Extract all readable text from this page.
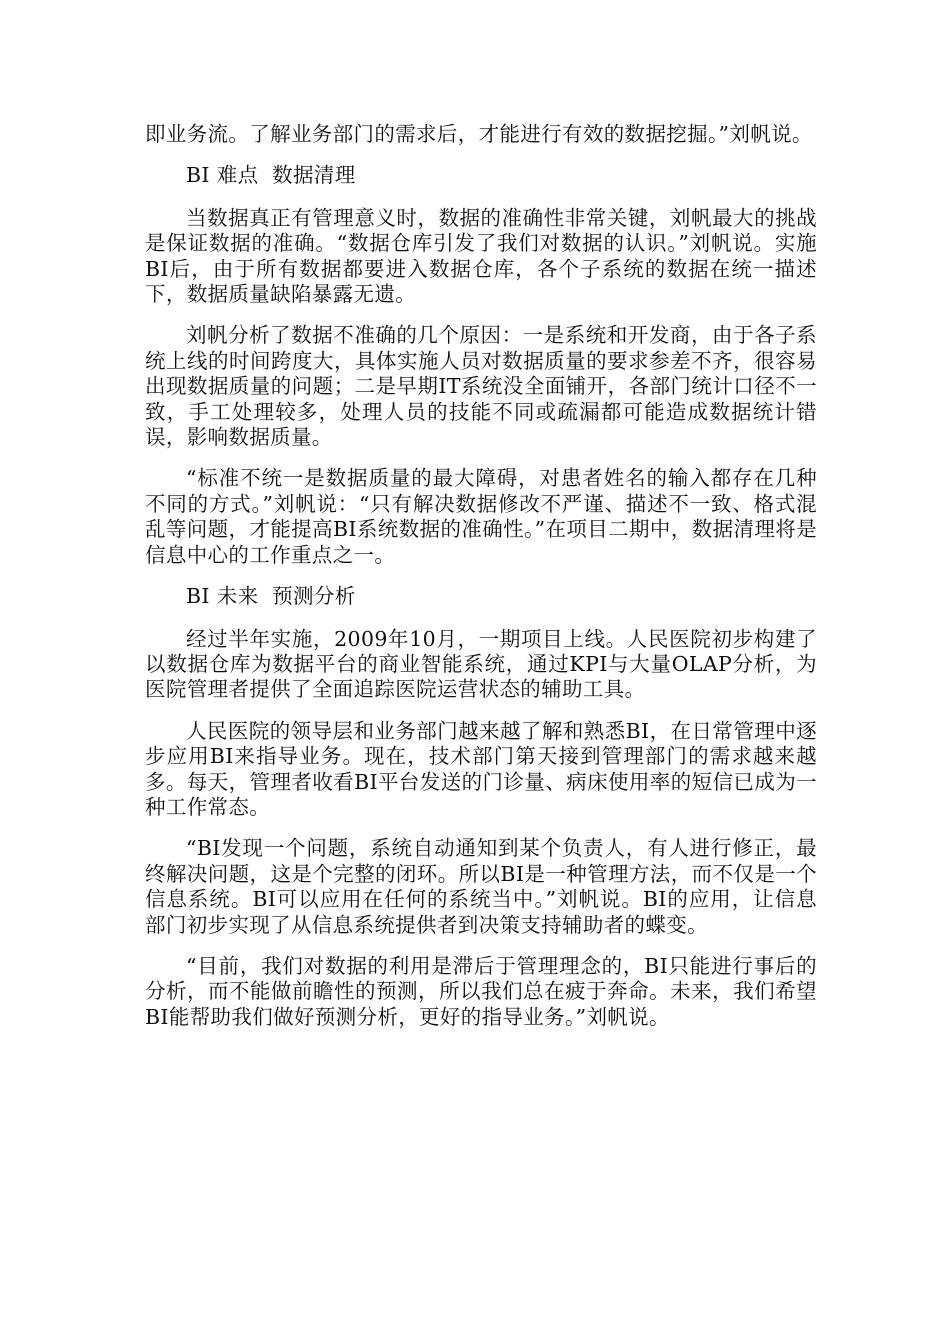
即业务流。了解业务部门的需求后，才能进行有效的数据挖掘。”刘帆说。

BI 难点  数据清理

当数据真正有管理意义时，数据的准确性非常关键，刘帆最大的挑战是保证数据的准确。“数据仓库引发了我们对数据的认识。”刘帆说。实施BI后，由于所有数据都要进入数据仓库，各个子系统的数据在统一描述下，数据质量缺陷暴露无遗。

刘帆分析了数据不准确的几个原因：一是系统和开发商，由于各子系统上线的时间跨度大，具体实施人员对数据质量的要求参差不齐，很容易出现数据质量的问题；二是早期IT系统没全面铺开，各部门统计口径不一致，手工处理较多，处理人员的技能不同或疏漏都可能造成数据统计错误，影响数据质量。

“标准不统一是数据质量的最大障碍，对患者姓名的输入都存在几种不同的方式。”刘帆说：“只有解决数据修改不严谨、描述不一致、格式混乱等问题，才能提高BI系统数据的准确性。”在项目二期中，数据清理将是信息中心的工作重点之一。

BI 未来  预测分析

经过半年实施，2009年10月，一期项目上线。人民医院初步构建了以数据仓库为数据平台的商业智能系统，通过KPI与大量OLAP分析，为医院管理者提供了全面追踪医院运营状态的辅助工具。

人民医院的领导层和业务部门越来越了解和熟悉BI，在日常管理中逐步应用BI来指导业务。现在，技术部门第天接到管理部门的需求越来越多。每天，管理者收看BI平台发送的门诊量、病床使用率的短信已成为一种工作常态。

“BI发现一个问题，系统自动通知到某个负责人，有人进行修正，最终解决问题，这是个完整的闭环。所以BI是一种管理方法，而不仅是一个信息系统。BI可以应用在任何的系统当中。”刘帆说。BI的应用，让信息部门初步实现了从信息系统提供者到决策支持辅助者的蝶变。

“目前，我们对数据的利用是滞后于管理理念的，BI只能进行事后的分析，而不能做前瞻性的预测，所以我们总在疲于奔命。未来，我们希望BI能帮助我们做好预测分析，更好的指导业务。”刘帆说。
